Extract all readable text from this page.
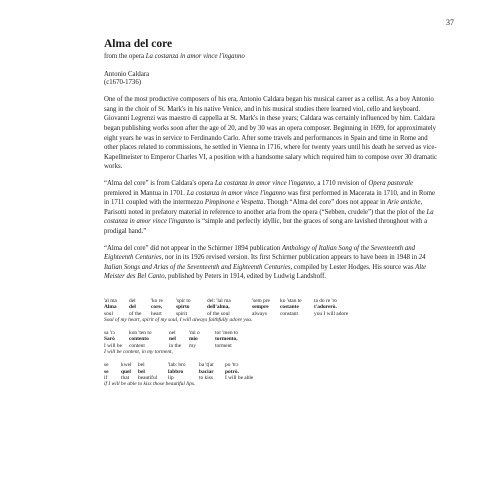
37
Alma del core
from the opera La costanza in amor vince l'inganno
Antonio Caldara
(c1670-1736)

One of the most productive composers of his era, Antonio Caldara began his musical career as a cellist. As a boy Antonio sang in the choir of St. Mark's in his native Venice, and in his musical studies there learned viol, cello and keyboard. Giovanni Legrenzi was maestro di cappella at St. Mark's in these years; Caldara was certainly influenced by him. Caldara began publishing works soon after the age of 20, and by 30 was an opera composer. Beginning in 1699, for approximately eight years he was in service to Ferdinando Carlo. After some travels and performances in Spain and time in Rome and other places related to commissions, he settled in Vienna in 1716, where for twenty years until his death he served as vice-Kapellmeister to Emperor Charles VI, a position with a handsome salary which required him to compose over 30 dramatic works.

“Alma del core” is from Caldara's opera La costanza in amor vince l'inganno, a 1710 revision of Opera pastorale premiered in Mantua in 1701. La costanza in amor vince l'inganno was first performed in Macerata in 1710, and in Rome in 1711 coupled with the intermezzo Pimpinone e Vespetta. Though “Alma del core” does not appear in Arie antiche, Parisotti noted in prefatory material in reference to another aria from the opera (“Sebben, crudele”) that the plot of the La costanza in amor vince l'inganno is “simple and perfectly idyllic, but the graces of song are lavished throughout with a prodigal hand.”

“Alma del core” did not appear in the Schirmer 1894 publication Anthology of Italian Song of the Seventeenth and Eighteenth Centuries, nor in its 1926 revised version. Its first Schirmer publication appears to have been in 1948 in 24 Italian Songs and Arias of the Seventeenth and Eighteenth Centuries, compiled by Lester Hodges. His source was Alte Meister des Bel Canto, published by Peters in 1914, edited by Ludwig Landshoff.

'al ma	del	'ko re	'spir to	del: 'lal ma	'sem pre	ko 'stan te	ta do re 'ro
Alma	del	core,	spirto	dell'alma,	sempre	costante	t'adorerò.
soul	of the	heart	spirit	of the soul	always	constant	you I will adore
Soul of my heart, spirit of my soul, I will always faithfully adore you.
sa 'rɔ	kon 'ten to	nel	'mi o	tor 'men to
Sarò	contento	nel	mio	tormento,
I will be	content	in the	my	torment
I will be content, in my torment,
se	kwel	bel	'lab: bro	ba 'tʃar	po 'trɔ
se	quel	bel	labbro	baciar	potrò.
if	that	beautiful	lip	to kiss	I will be able
if I will be able to kiss those beautiful lips.
